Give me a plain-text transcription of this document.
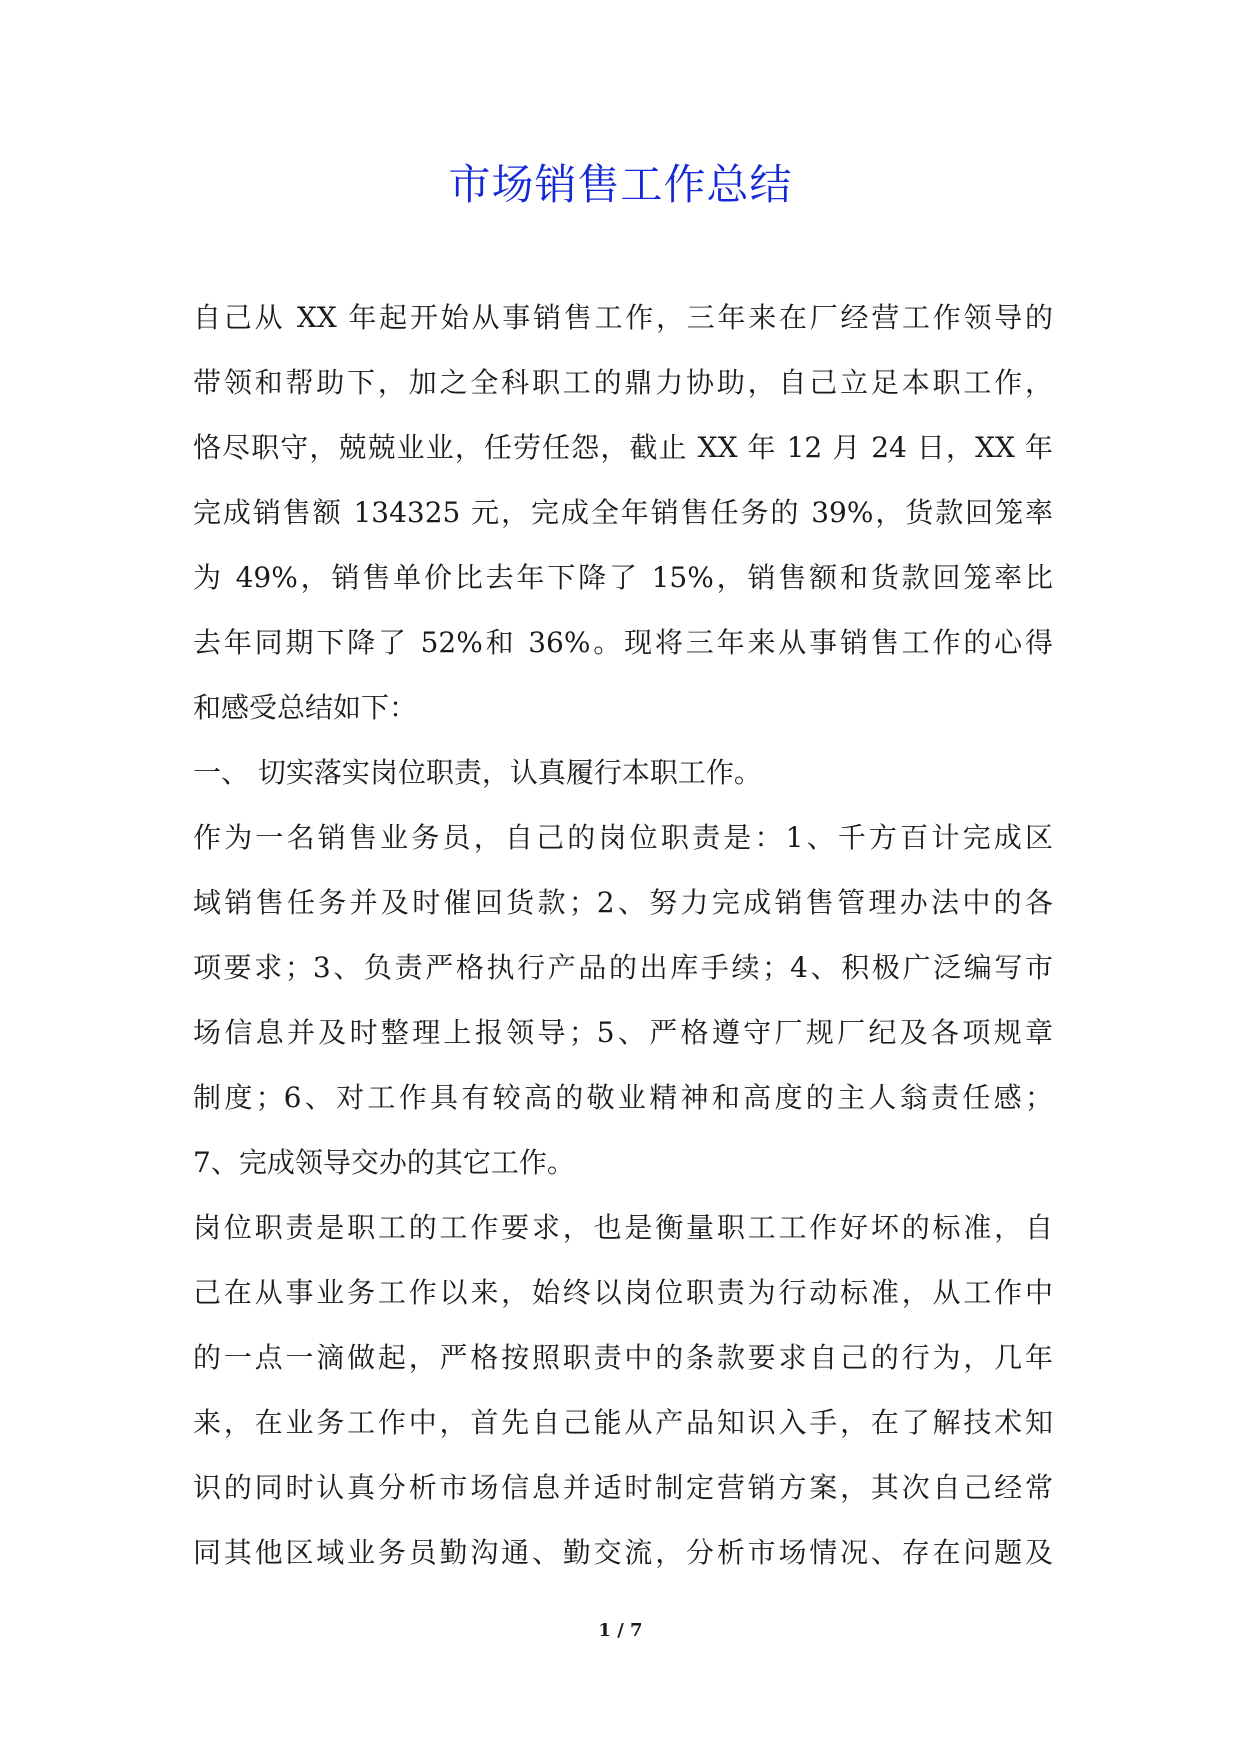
市场销售工作总结
自己从 XX 年起开始从事销售工作，三年来在厂经营工作领导的
带领和帮助下，加之全科职工的鼎力协助，自己立足本职工作，
恪尽职守，兢兢业业，任劳任怨，截止 XX 年 12 月 24 日，XX 年
完成销售额 134325 元，完成全年销售任务的 39%，货款回笼率
为 49%，销售单价比去年下降了 15%，销售额和货款回笼率比
去年同期下降了 52%和 36%。现将三年来从事销售工作的心得
和感受总结如下：
一、 切实落实岗位职责，认真履行本职工作。
作为一名销售业务员，自己的岗位职责是：1、千方百计完成区
域销售任务并及时催回货款；2、努力完成销售管理办法中的各
项要求；3、负责严格执行产品的出库手续；4、积极广泛编写市
场信息并及时整理上报领导；5、严格遵守厂规厂纪及各项规章
制度；6、对工作具有较高的敬业精神和高度的主人翁责任感；
7、完成领导交办的其它工作。
岗位职责是职工的工作要求，也是衡量职工工作好坏的标准，自
己在从事业务工作以来，始终以岗位职责为行动标准，从工作中
的一点一滴做起，严格按照职责中的条款要求自己的行为，几年
来，在业务工作中，首先自己能从产品知识入手，在了解技术知
识的同时认真分析市场信息并适时制定营销方案，其次自己经常
同其他区域业务员勤沟通、勤交流，分析市场情况、存在问题及
1 / 7
